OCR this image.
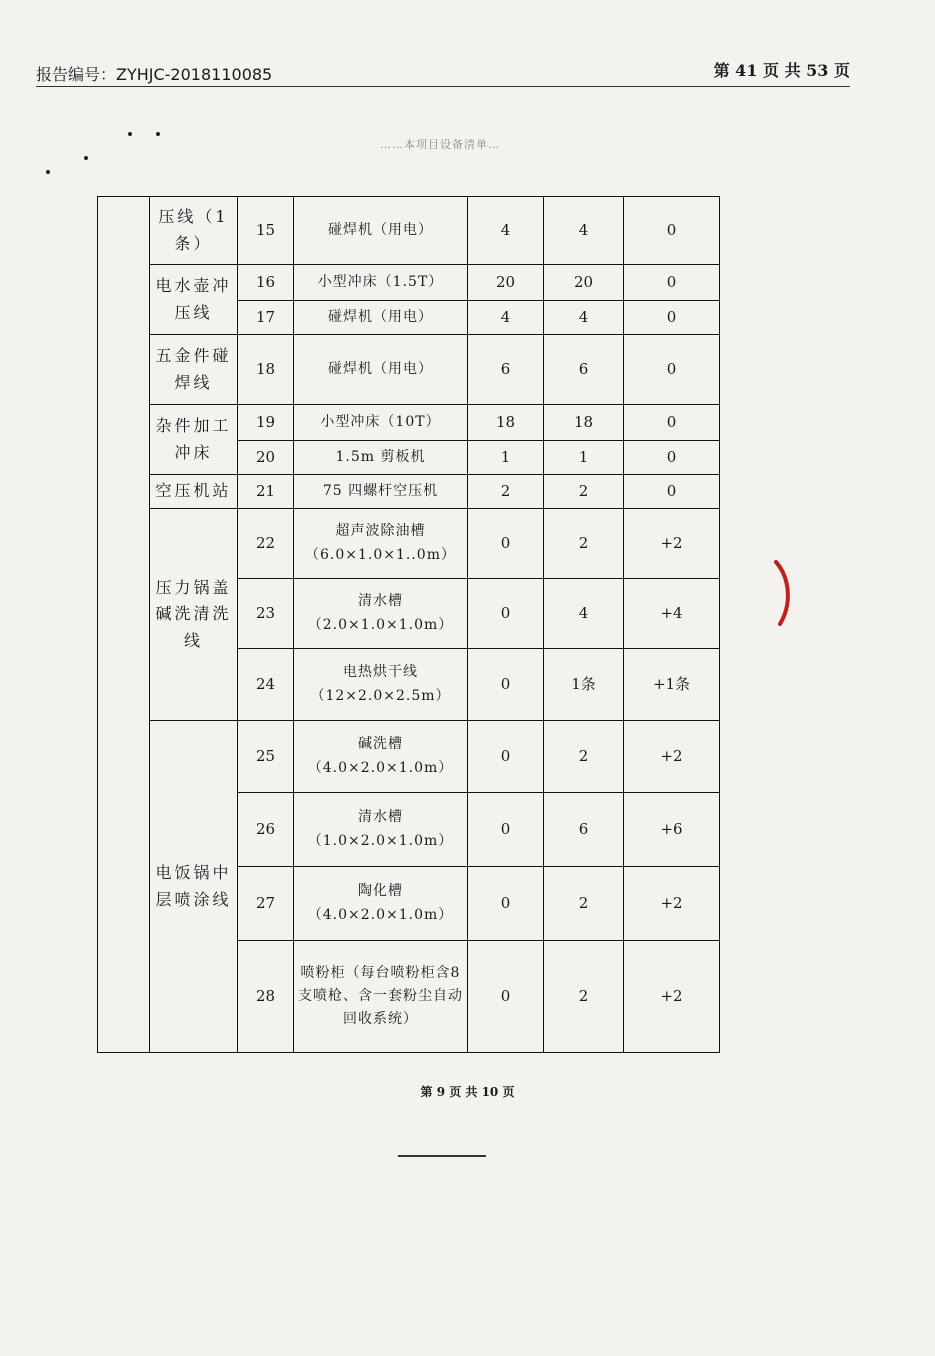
报告编号：ZYHJC-2018110085	第 41 页 共 53 页
……本项目设备清单…
	压线（1条）	15	碰焊机（用电）	4	4	0
	电水壶冲压线	16	小型冲床（1.5T）	20	20	0
		17	碰焊机（用电）	4	4	0
	五金件碰焊线	18	碰焊机（用电）	6	6	0
	杂件加工冲床	19	小型冲床（10T）	18	18	0
		20	1.5m 剪板机	1	1	0
	空压机站	21	75 四螺杆空压机	2	2	0
	压力锅盖碱洗清洗线	22	超声波除油槽（6.0×1.0×1..0m）	0	2	+2
		23	清水槽（2.0×1.0×1.0m）	0	4	+4
		24	电热烘干线（12×2.0×2.5m）	0	1条	+1条
	电饭锅中层喷涂线	25	碱洗槽（4.0×2.0×1.0m）	0	2	+2
		26	清水槽（1.0×2.0×1.0m）	0	6	+6
		27	陶化槽（4.0×2.0×1.0m）	0	2	+2
		28	喷粉柜（每台喷粉柜含8支喷枪、含一套粉尘自动回收系统）	0	2	+2
第 9 页 共 10 页
